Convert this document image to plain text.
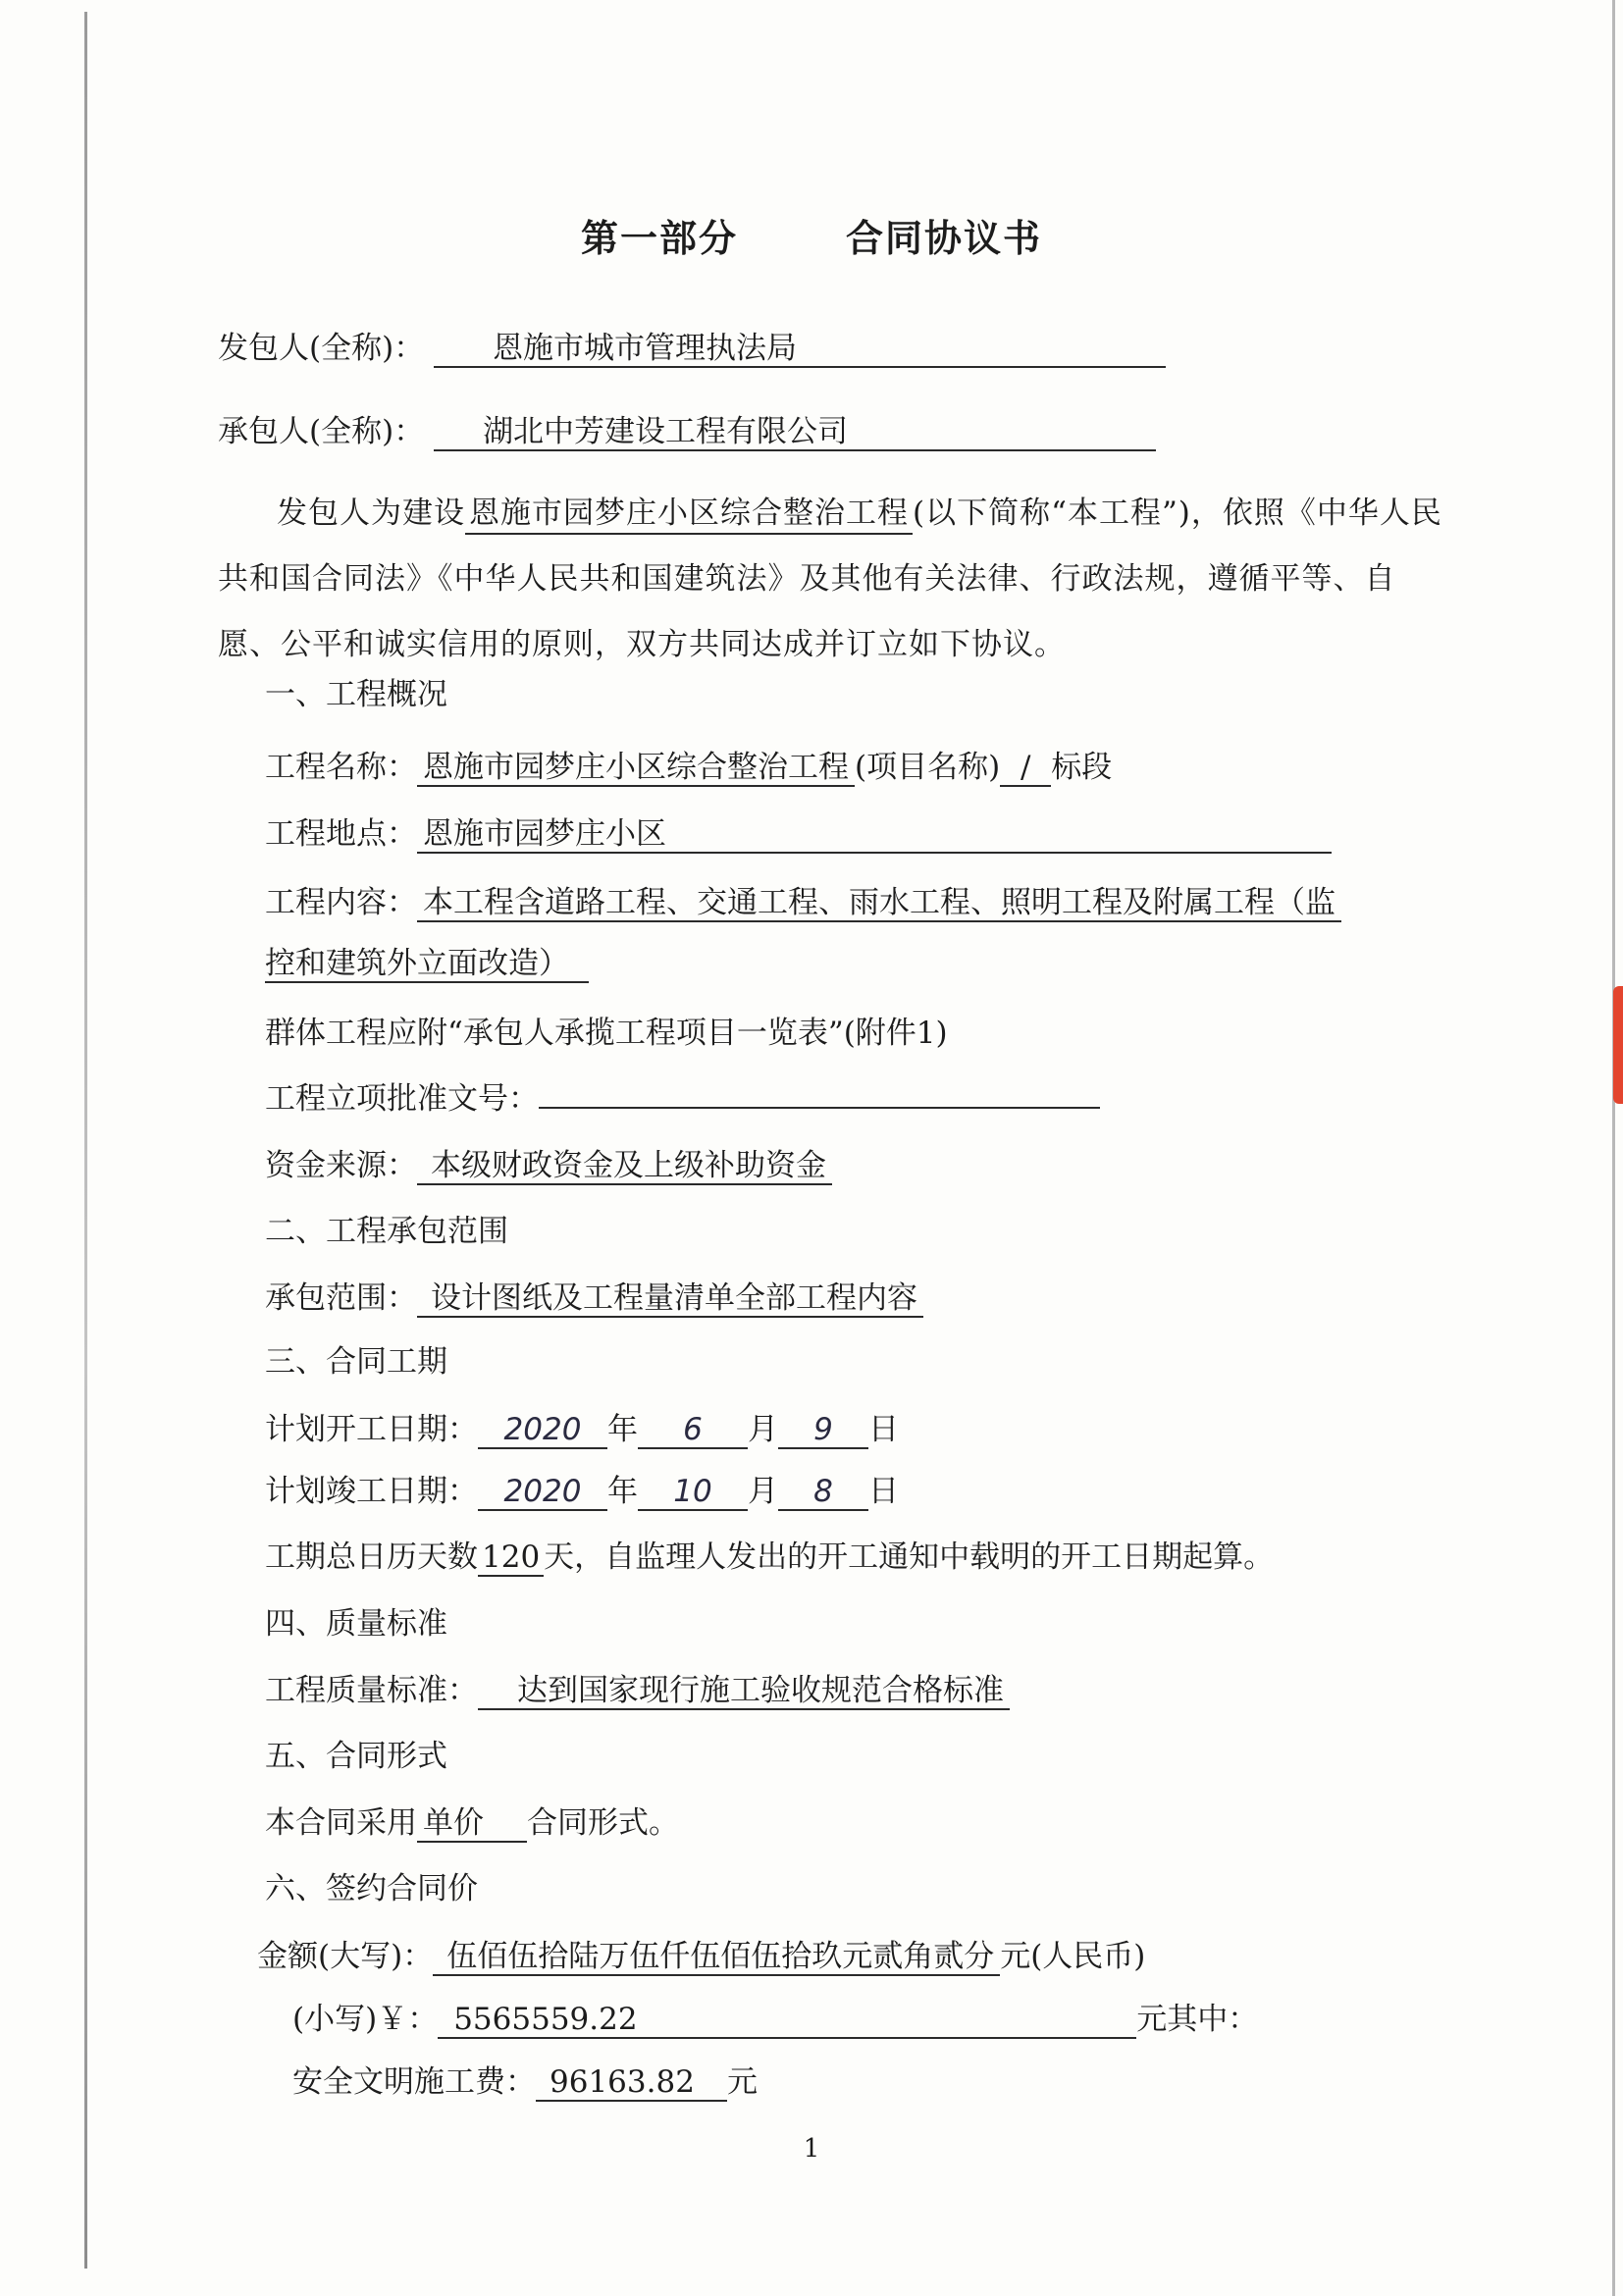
第一部分	合同协议书
发包人(全称)： 恩施市城市管理执法局
承包人(全称)： 湖北中芳建设工程有限公司
发包人为建设 恩施市园梦庄小区综合整治工程 (以下简称“本工程”)，依照《中华人民共和国合同法》《中华人民共和国建筑法》及其他有关法律、行政法规，遵循平等、自愿、公平和诚实信用的原则，双方共同达成并订立如下协议。
一、工程概况
工程名称： 恩施市园梦庄小区综合整治工程 (项目名称) / 标段
工程地点： 恩施市园梦庄小区
工程内容： 本工程含道路工程、交通工程、雨水工程、照明工程及附属工程（监
控和建筑外立面改造）
群体工程应附“承包人承揽工程项目一览表”(附件1)
工程立项批准文号：
资金来源： 本级财政资金及上级补助资金
二、工程承包范围
承包范围： 设计图纸及工程量清单全部工程内容
三、合同工期
计划开工日期： 2020 年 6 月 9 日
计划竣工日期： 2020 年 10 月 8 日
工期总日历天数 120 天，自监理人发出的开工通知中载明的开工日期起算。
四、质量标准
工程质量标准： 达到国家现行施工验收规范合格标准
五、合同形式
本合同采用 单价 合同形式。
六、签约合同价
金额(大写)： 伍佰伍拾陆万伍仟伍佰伍拾玖元贰角贰分 元(人民币)
(小写)￥： 5565559.22	元其中：
安全文明施工费： 96163.82 元
1
